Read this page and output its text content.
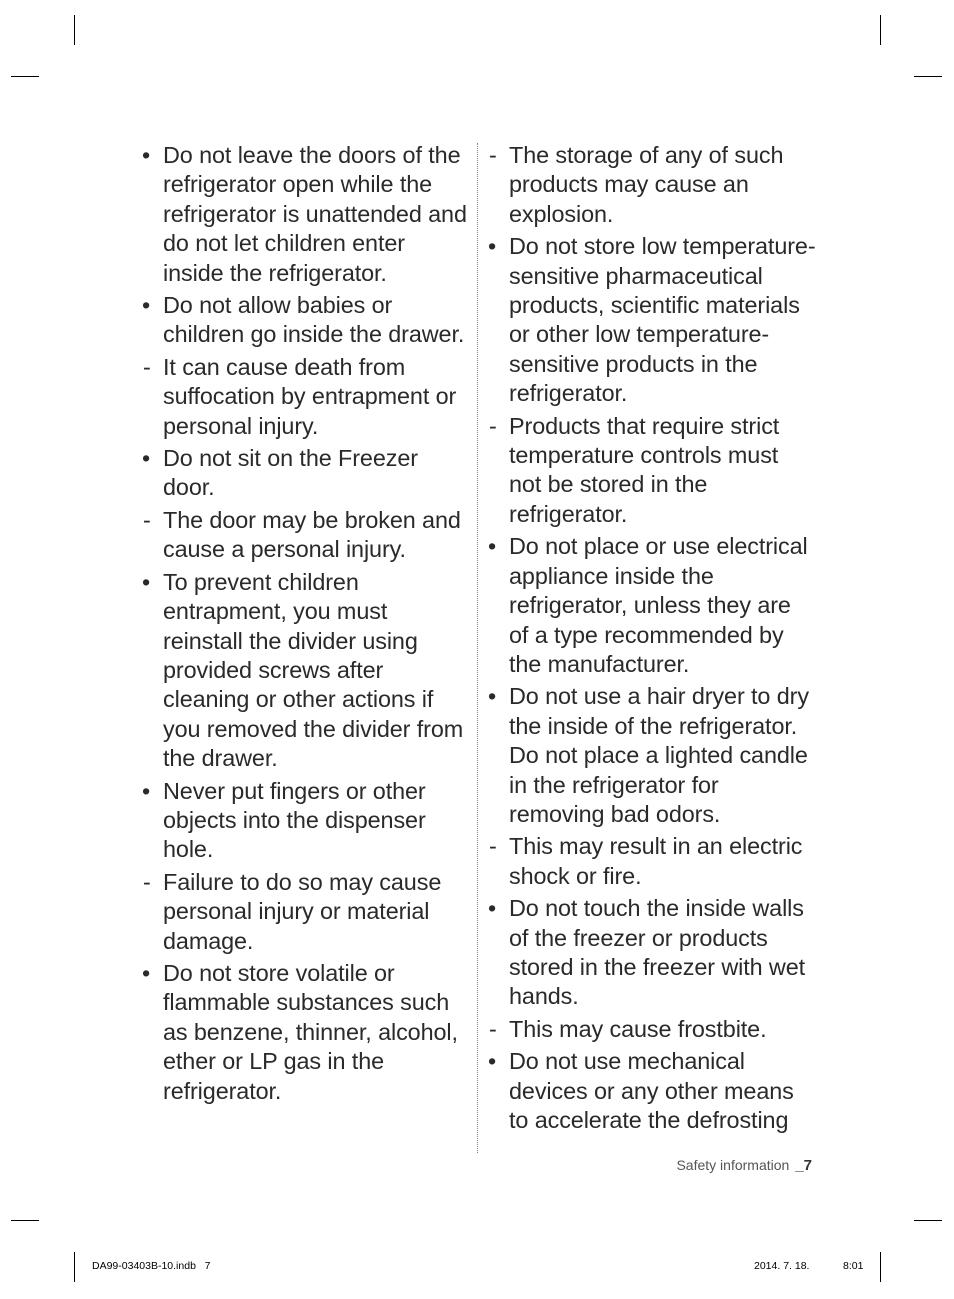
• Do not leave the doors of the refrigerator open while the refrigerator is unattended and do not let children enter inside the refrigerator.
• Do not allow babies or children go inside the drawer.
- It can cause death from suffocation by entrapment or personal injury.
• Do not sit on the Freezer door.
- The door may be broken and cause a personal injury.
• To prevent children entrapment, you must reinstall the divider using provided screws after cleaning or other actions if you removed the divider from the drawer.
• Never put fingers or other objects into the dispenser hole.
- Failure to do so may cause personal injury or material damage.
• Do not store volatile or flammable substances such as benzene, thinner, alcohol, ether or LP gas in the refrigerator.
- The storage of any of such products may cause an explosion.
• Do not store low temperature-sensitive pharmaceutical products, scientific materials or other low temperature-sensitive products in the refrigerator.
- Products that require strict temperature controls must not be stored in the refrigerator.
• Do not place or use electrical appliance inside the refrigerator, unless they are of a type recommended by the manufacturer.
• Do not use a hair dryer to dry the inside of the refrigerator. Do not place a lighted candle in the refrigerator for removing bad odors.
- This may result in an electric shock or fire.
• Do not touch the inside walls of the freezer or products stored in the freezer with wet hands.
- This may cause frostbite.
• Do not use mechanical devices or any other means to accelerate the defrosting
Safety information _7
DA99-03403B-10.indb   7	2014. 7. 18.	8:01
